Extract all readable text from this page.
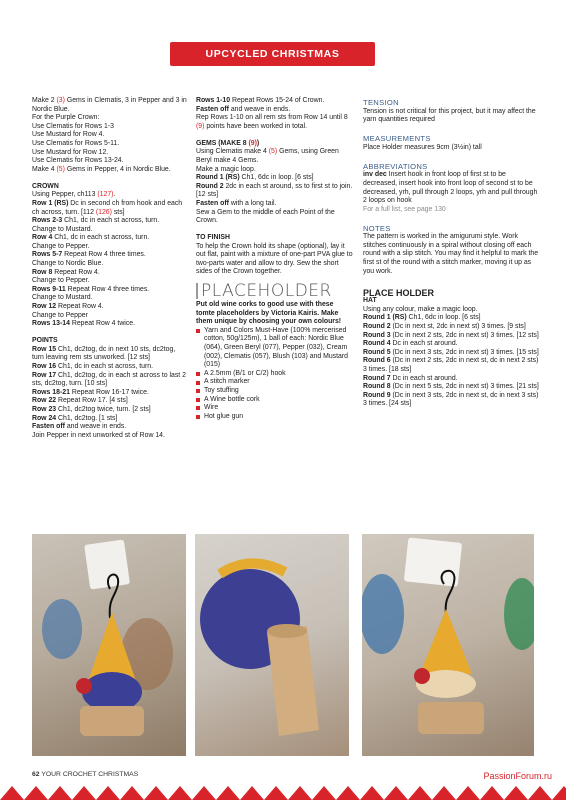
UPCYCLED CHRISTMAS COLLECTION

Make 2 (3) Gems in Clematis, 3 in Pepper and 3 in Nordic Blue.

For the Purple Crown:

Use Clematis for Rows 1-3

Use Mustard for Row 4.

Use Clematis for Rows 5-11.

Use Mustard for Row 12.

Use Clematis for Rows 13-24.

Make 4 (5) Gems in Pepper, 4 in Nordic Blue.

CROWN

Using Pepper, ch113 (127).

Row 1 (RS) Dc in second ch from hook and each ch across, turn. [112 (126) sts]

Rows 2-3 Ch1, dc in each st across, turn.

Change to Mustard.

Row 4 Ch1, dc in each st across, turn.

Change to Pepper.

Rows 5-7 Repeat Row 4 three times.

Change to Nordic Blue.

Row 8 Repeat Row 4.

Change to Pepper.

Rows 9-11 Repeat Row 4 three times.

Change to Mustard.

Row 12 Repeat Row 4.

Change to Pepper

Rows 13-14 Repeat Row 4 twice.

POINTS

Row 15 Ch1, dc2tog, dc in next 10 sts, dc2tog, turn leaving rem sts unworked. [12 sts]

Row 16 Ch1, dc in each st across, turn.

Row 17 Ch1, dc2tog, dc in each st across to last 2 sts, dc2tog, turn. [10 sts]

Rows 18-21 Repeat Row 16-17 twice.

Row 22 Repeat Row 17. [4 sts]

Row 23 Ch1, dc2tog twice, turn. [2 sts]

Row 24 Ch1, dc2tog. [1 sts]

Fasten off and weave in ends.

Join Pepper in next unworked st of Row 14.

Rows 1-10 Repeat Rows 15-24 of Crown.

Fasten off and weave in ends.

Rep Rows 1-10 on all rem sts from Row 14 until 8 (9) points have been worked in total.

GEMS (MAKE 8 (9))

Using Clematis make 4 (5) Gems, using Green Beryl make 4 Gems.

Make a magic loop.

Round 1 (RS) Ch1, 6dc in loop. [6 sts]

Round 2 2dc in each st around, ss to first st to join. [12 sts]

Fasten off with a long tail.

Sew a Gem to the middle of each Point of the Crown.

TO FINISH

To help the Crown hold its shape (optional), lay it out flat, paint with a mixture of one-part PVA glue to two-parts water and allow to dry. Sew the short sides of the Crown together.

PLACEHOLDER

Put old wine corks to good use with these tomte placeholders by Victoria Kairis. Make them unique by choosing your own colours!

Yarn and Colors Must-Have (100% mercerised cotton, 50g/125m), 1 ball of each: Nordic Blue (064), Green Beryl (077), Pepper (032), Cream (002), Clematis (057), Blush (103) and Mustard (015)

A 2.5mm (B/1 or C/2) hook

A stitch marker

Toy stuffing

A Wine bottle cork

Wire

Hot glue gun

TENSION

Tension is not critical for this project, but it may affect the yarn quantities required

MEASUREMENTS

Place Holder measures 9cm (3½in) tall

ABBREVIATIONS

inv dec Insert hook in front loop of first st to be decreased, insert hook into front loop of second st to be decreased, yrh, pull through 2 loops, yrh and pull through 2 loops on hook

For a full list, see page 130

NOTES

The pattern is worked in the amigurumi style. Work stitches continuously in a spiral without closing off each round with a slip stitch. You may find it helpful to mark the first st of the round with a stitch marker, moving it up as you work.

PLACE HOLDER
HAT

Using any colour, make a magic loop.

Round 1 (RS) Ch1, 6dc in loop. [6 sts]

Round 2 (Dc in next st, 2dc in next st) 3 times. [9 sts]

Round 3 (Dc in next 2 sts, 2dc in next st) 3 times. [12 sts]

Round 4 Dc in each st around.

Round 5 (Dc in next 3 sts, 2dc in next st) 3 times. [15 sts]

Round 6 (Dc in next 2 sts, 2dc in next st, dc in next 2 sts) 3 times. [18 sts]

Round 7 Dc in each st around.

Round 8 (Dc in next 5 sts, 2dc in next st) 3 times. [21 sts]

Round 9 (Dc in next 3 sts, 2dc in next st, dc in next 3 sts) 3 times. [24 sts]

62 YOUR CROCHET CHRISTMAS	PassionForum.ru
